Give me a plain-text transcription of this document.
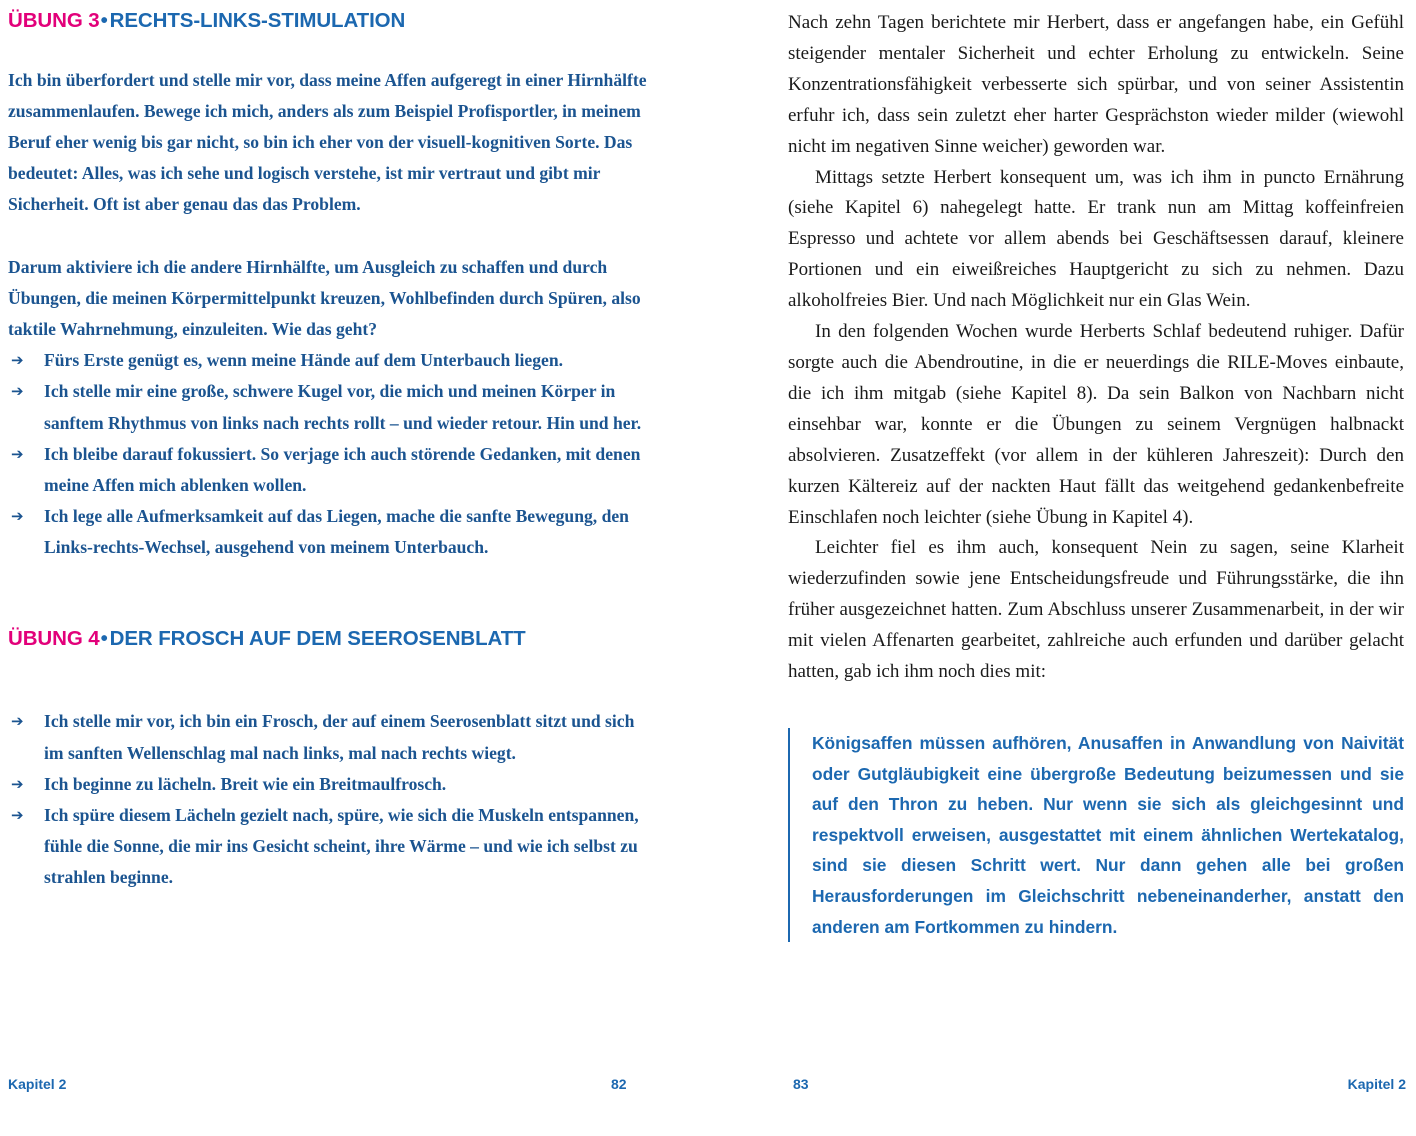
ÜBUNG 3•RECHTS-LINKS-STIMULATION

Ich bin überfordert und stelle mir vor, dass meine Affen aufgeregt in einer Hirnhälfte zusammenlaufen. Bewege ich mich, anders als zum Beispiel Profisportler, in meinem Beruf eher wenig bis gar nicht, so bin ich eher von der visuell-kognitiven Sorte. Das bedeutet: Alles, was ich sehe und logisch verstehe, ist mir vertraut und gibt mir Sicherheit. Oft ist aber genau das das Problem.

Darum aktiviere ich die andere Hirnhälfte, um Ausgleich zu schaffen und durch Übungen, die meinen Körpermittelpunkt kreuzen, Wohlbefinden durch Spüren, also taktile Wahrnehmung, einzuleiten. Wie das geht?

➔	Fürs Erste genügt es, wenn meine Hände auf dem Unterbauch liegen.
➔	Ich stelle mir eine große, schwere Kugel vor, die mich und meinen Körper in sanftem Rhythmus von links nach rechts rollt – und wieder retour. Hin und her.
➔	Ich bleibe darauf fokussiert. So verjage ich auch störende Gedanken, mit denen meine Affen mich ablenken wollen.
➔	Ich lege alle Aufmerksamkeit auf das Liegen, mache die sanfte Bewegung, den Links-rechts-Wechsel, ausgehend von meinem Unterbauch.
ÜBUNG 4•DER FROSCH AUF DEM SEEROSENBLATT
➔	Ich stelle mir vor, ich bin ein Frosch, der auf einem Seerosenblatt sitzt und sich im sanften Wellenschlag mal nach links, mal nach rechts wiegt.
➔	Ich beginne zu lächeln. Breit wie ein Breitmaulfrosch.
➔	Ich spüre diesem Lächeln gezielt nach, spüre, wie sich die Muskeln entspannen, fühle die Sonne, die mir ins Gesicht scheint, ihre Wärme – und wie ich selbst zu strahlen beginne.

Nach zehn Tagen berichtete mir Herbert, dass er angefangen habe, ein Gefühl steigender mentaler Sicherheit und echter Erholung zu entwickeln. Seine Konzentrationsfähigkeit verbesserte sich spürbar, und von seiner Assistentin erfuhr ich, dass sein zuletzt eher harter Gesprächston wieder milder (wiewohl nicht im negativen Sinne weicher) geworden war.

Mittags setzte Herbert konsequent um, was ich ihm in puncto Ernährung (siehe Kapitel 6) nahegelegt hatte. Er trank nun am Mittag koffeinfreien Espresso und achtete vor allem abends bei Geschäftsessen darauf, kleinere Portionen und ein eiweißreiches Hauptgericht zu sich zu nehmen. Dazu alkoholfreies Bier. Und nach Möglichkeit nur ein Glas Wein.

In den folgenden Wochen wurde Herberts Schlaf bedeutend ruhiger. Dafür sorgte auch die Abendroutine, in die er neuerdings die RILE-Moves einbaute, die ich ihm mitgab (siehe Kapitel 8). Da sein Balkon von Nachbarn nicht einsehbar war, konnte er die Übungen zu seinem Vergnügen halbnackt absolvieren. Zusatzeffekt (vor allem in der kühleren Jahreszeit): Durch den kurzen Kältereiz auf der nackten Haut fällt das weitgehend gedankenbefreite Einschlafen noch leichter (siehe Übung in Kapitel 4).

Leichter fiel es ihm auch, konsequent Nein zu sagen, seine Klarheit wiederzufinden sowie jene Entscheidungsfreude und Führungsstärke, die ihn früher ausgezeichnet hatten. Zum Abschluss unserer Zusammenarbeit, in der wir mit vielen Affenarten gearbeitet, zahlreiche auch erfunden und darüber gelacht hatten, gab ich ihm noch dies mit:

Königsaffen müssen aufhören, Anusaffen in Anwandlung von Naivität oder Gutgläubigkeit eine übergroße Bedeutung beizumessen und sie auf den Thron zu heben. Nur wenn sie sich als gleichgesinnt und respektvoll erweisen, ausgestattet mit einem ähnlichen Wertekatalog, sind sie diesen Schritt wert. Nur dann gehen alle bei großen Herausforderungen im Gleichschritt nebeneinanderher, anstatt den anderen am Fortkommen zu hindern.

Kapitel 2	82	83	Kapitel 2
